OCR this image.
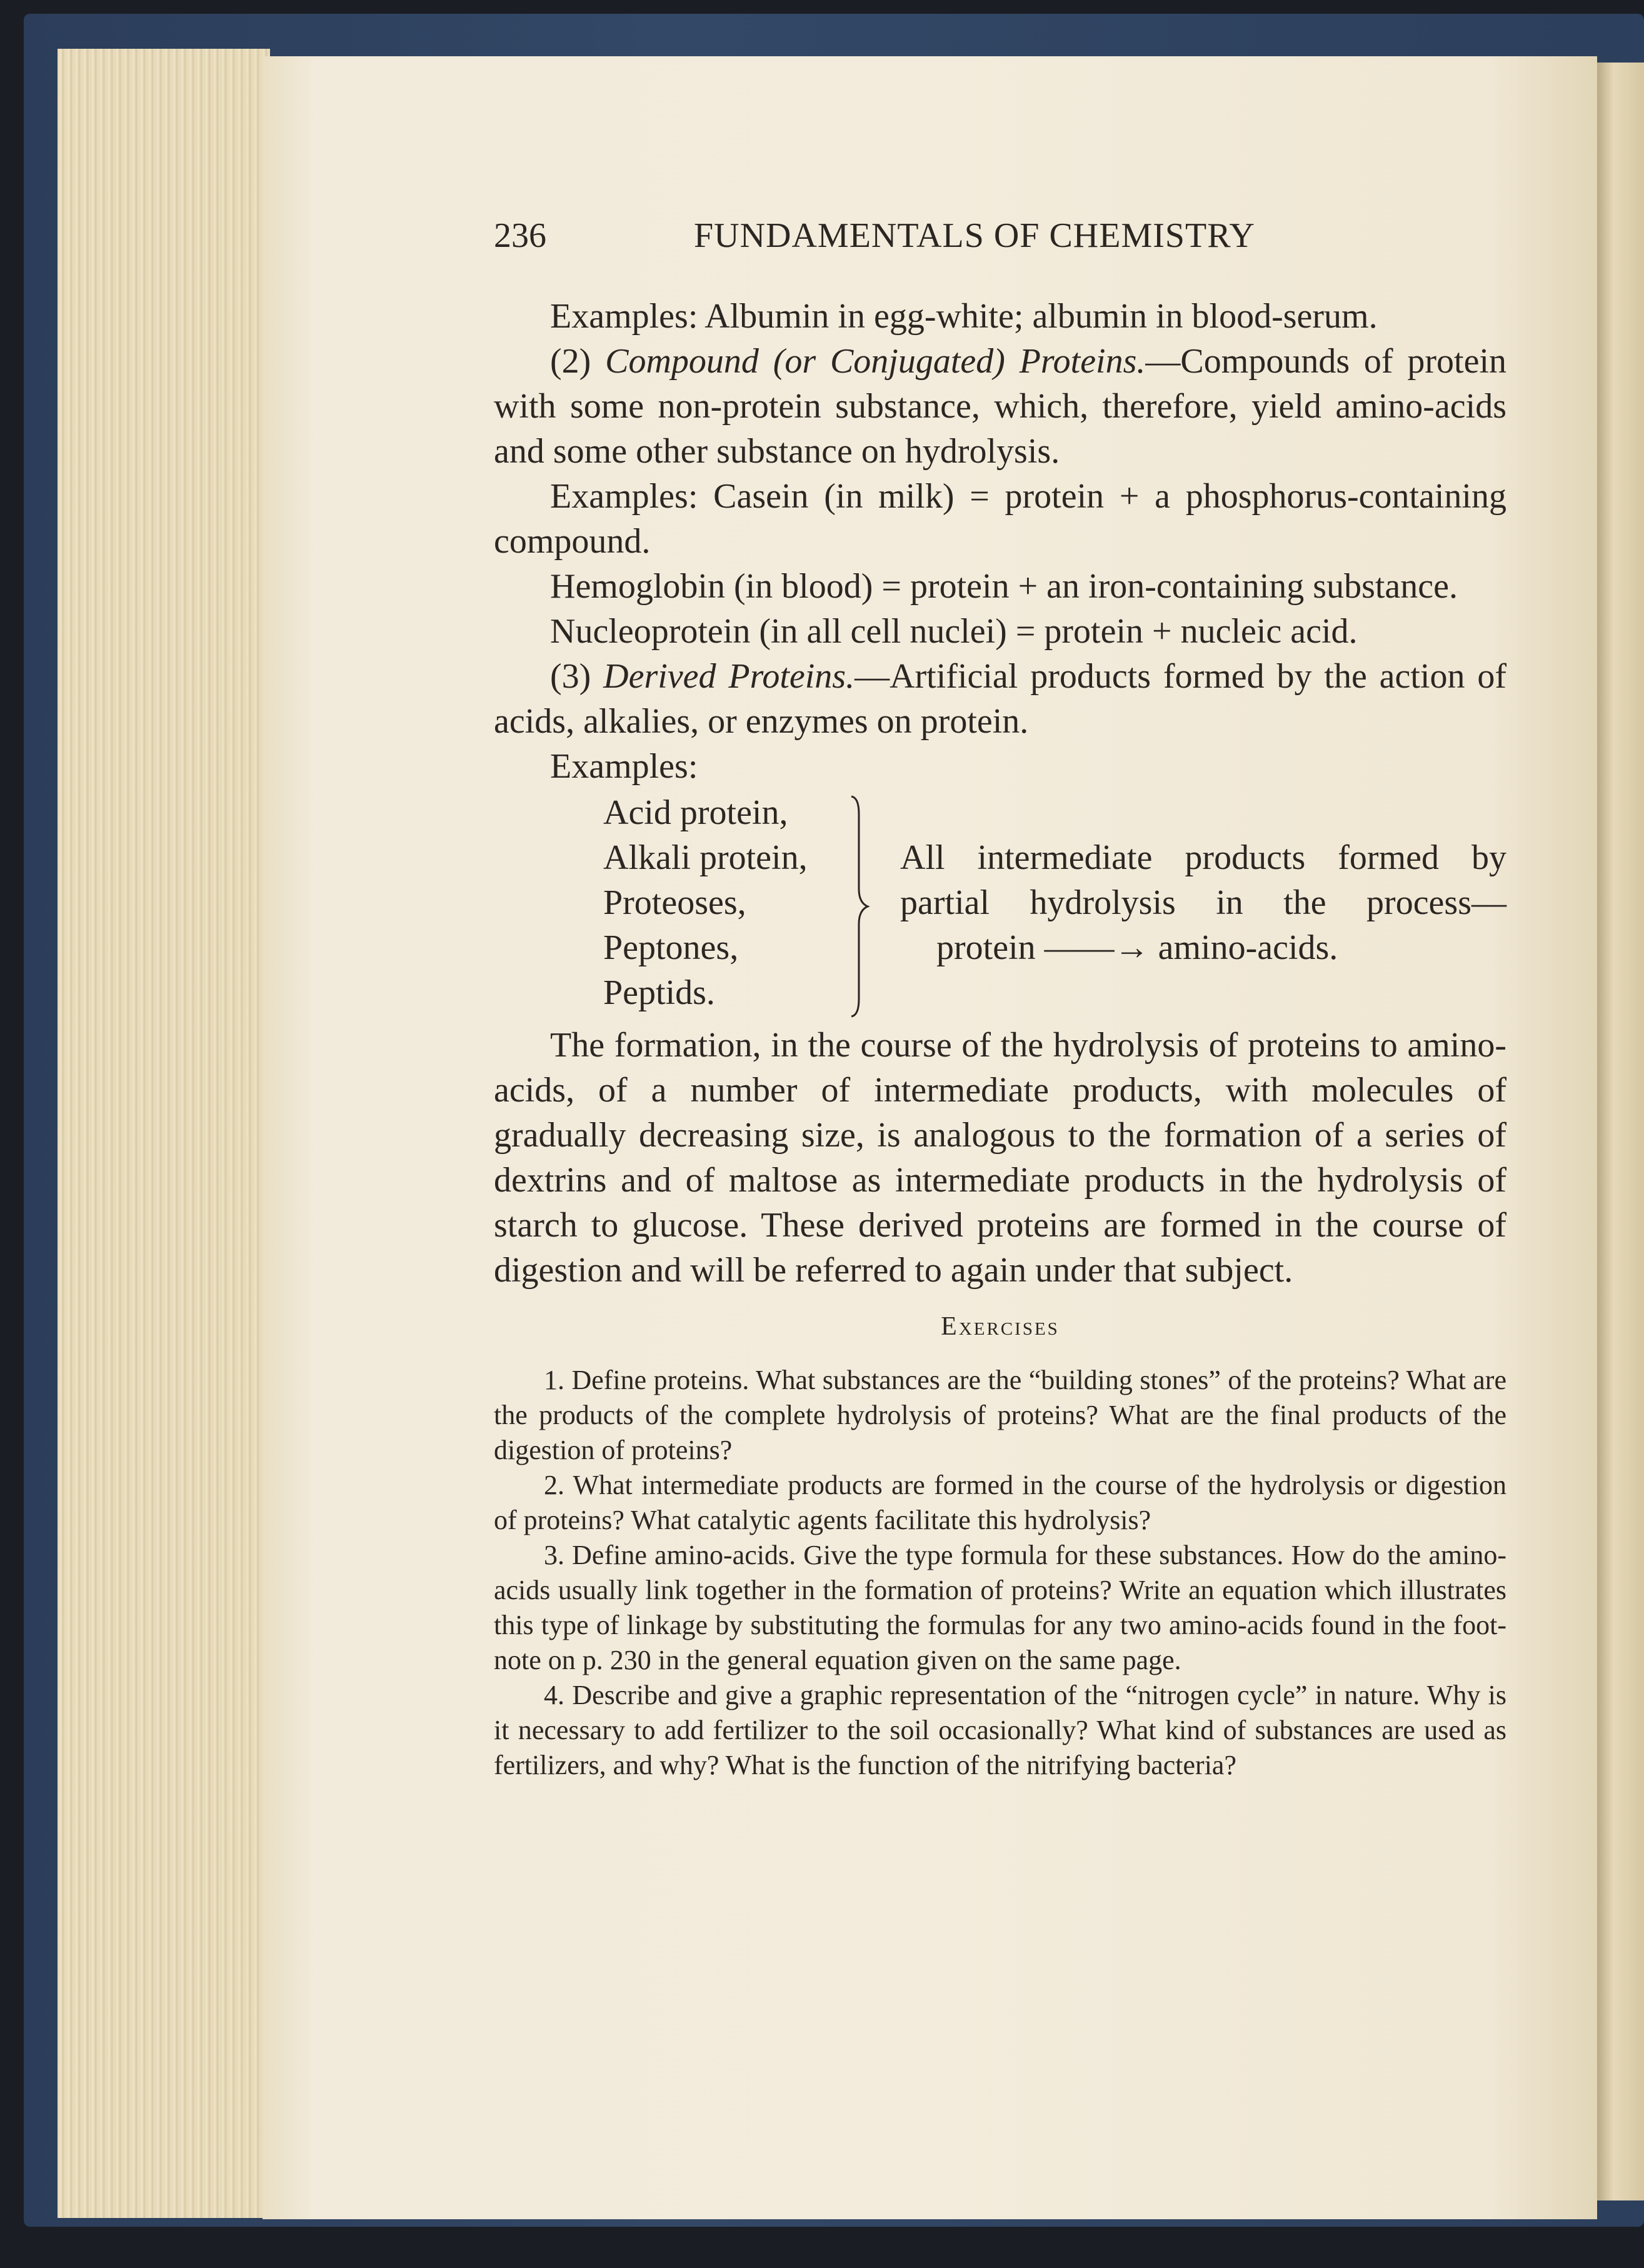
236	FUNDAMENTALS OF CHEMISTRY

Examples: Albumin in egg-white; albumin in blood-serum.

(2) Compound (or Conjugated) Proteins.—Compounds of protein with some non-protein substance, which, therefore, yield amino-acids and some other substance on hydrolysis.

Examples: Casein (in milk) = protein + a phosphorus-containing compound.

Hemoglobin (in blood) = protein + an iron-containing substance.

Nucleoprotein (in all cell nuclei) = protein + nucleic acid.

(3) Derived Proteins.—Artificial products formed by the action of acids, alkalies, or enzymes on protein.

Examples:

Acid protein,
Alkali protein,
Proteoses,
Peptones,
Peptids.
All intermediate products formed by
partial hydrolysis in the process—
protein ——→ amino-acids.

The formation, in the course of the hydrolysis of proteins to amino-acids, of a number of intermediate products, with molecules of gradually decreasing size, is analogous to the formation of a series of dextrins and of maltose as intermediate products in the hydrolysis of starch to glucose. These derived proteins are formed in the course of digestion and will be referred to again under that subject.

Exercises

1. Define proteins. What substances are the “building stones” of the proteins? What are the products of the complete hydrolysis of proteins? What are the final products of the digestion of proteins?

2. What intermediate products are formed in the course of the hydrolysis or digestion of proteins? What catalytic agents facilitate this hydrolysis?

3. Define amino-acids. Give the type formula for these substances. How do the amino-acids usually link together in the formation of proteins? Write an equation which illustrates this type of linkage by substituting the formulas for any two amino-acids found in the foot-note on p. 230 in the general equation given on the same page.

4. Describe and give a graphic representation of the “nitrogen cycle” in nature. Why is it necessary to add fertilizer to the soil occasionally? What kind of substances are used as fertilizers, and why? What is the function of the nitrifying bacteria?
